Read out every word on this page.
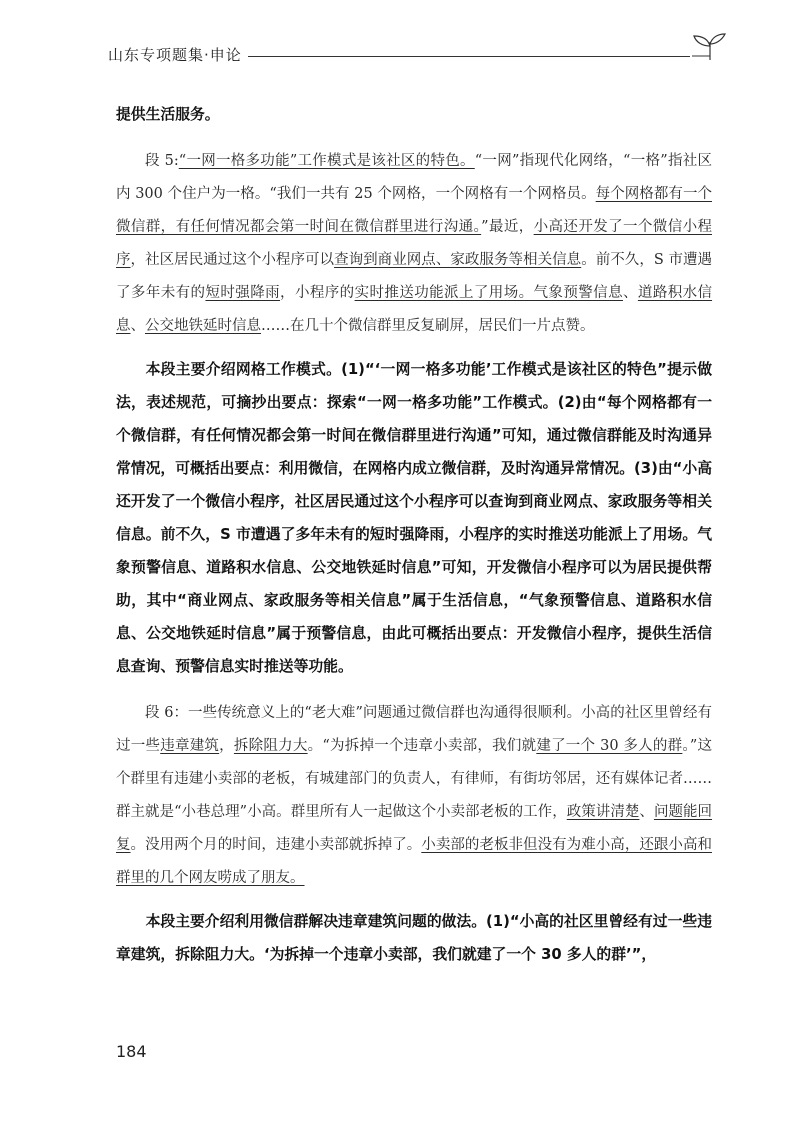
山东专项题集·申论

提供生活服务。

段 5:“一网一格多功能”工作模式是该社区的特色。“一网”指现代化网络，“一格”指社区内 300 个住户为一格。“我们一共有 25 个网格，一个网格有一个网格员。每个网格都有一个微信群，有任何情况都会第一时间在微信群里进行沟通。”最近，小高还开发了一个微信小程序，社区居民通过这个小程序可以查询到商业网点、家政服务等相关信息。前不久，S 市遭遇了多年未有的短时强降雨，小程序的实时推送功能派上了用场。气象预警信息、道路积水信息、公交地铁延时信息……在几十个微信群里反复刷屏，居民们一片点赞。

本段主要介绍网格工作模式。(1)“‘一网一格多功能’工作模式是该社区的特色”提示做法，表述规范，可摘抄出要点：探索“一网一格多功能”工作模式。(2)由“每个网格都有一个微信群，有任何情况都会第一时间在微信群里进行沟通”可知，通过微信群能及时沟通异常情况，可概括出要点：利用微信，在网格内成立微信群，及时沟通异常情况。(3)由“小高还开发了一个微信小程序，社区居民通过这个小程序可以查询到商业网点、家政服务等相关信息。前不久，S 市遭遇了多年未有的短时强降雨，小程序的实时推送功能派上了用场。气象预警信息、道路积水信息、公交地铁延时信息”可知，开发微信小程序可以为居民提供帮助，其中“商业网点、家政服务等相关信息”属于生活信息，“气象预警信息、道路积水信息、公交地铁延时信息”属于预警信息，由此可概括出要点：开发微信小程序，提供生活信息查询、预警信息实时推送等功能。

段 6：一些传统意义上的“老大难”问题通过微信群也沟通得很顺利。小高的社区里曾经有过一些违章建筑，拆除阻力大。“为拆掉一个违章小卖部，我们就建了一个 30 多人的群。”这个群里有违建小卖部的老板，有城建部门的负责人，有律师，有街坊邻居，还有媒体记者……群主就是“小巷总理”小高。群里所有人一起做这个小卖部老板的工作，政策讲清楚、问题能回复。没用两个月的时间，违建小卖部就拆掉了。小卖部的老板非但没有为难小高，还跟小高和群里的几个网友唠成了朋友。

本段主要介绍利用微信群解决违章建筑问题的做法。(1)“小高的社区里曾经有过一些违章建筑，拆除阻力大。‘为拆掉一个违章小卖部，我们就建了一个 30 多人的群’”，

184
